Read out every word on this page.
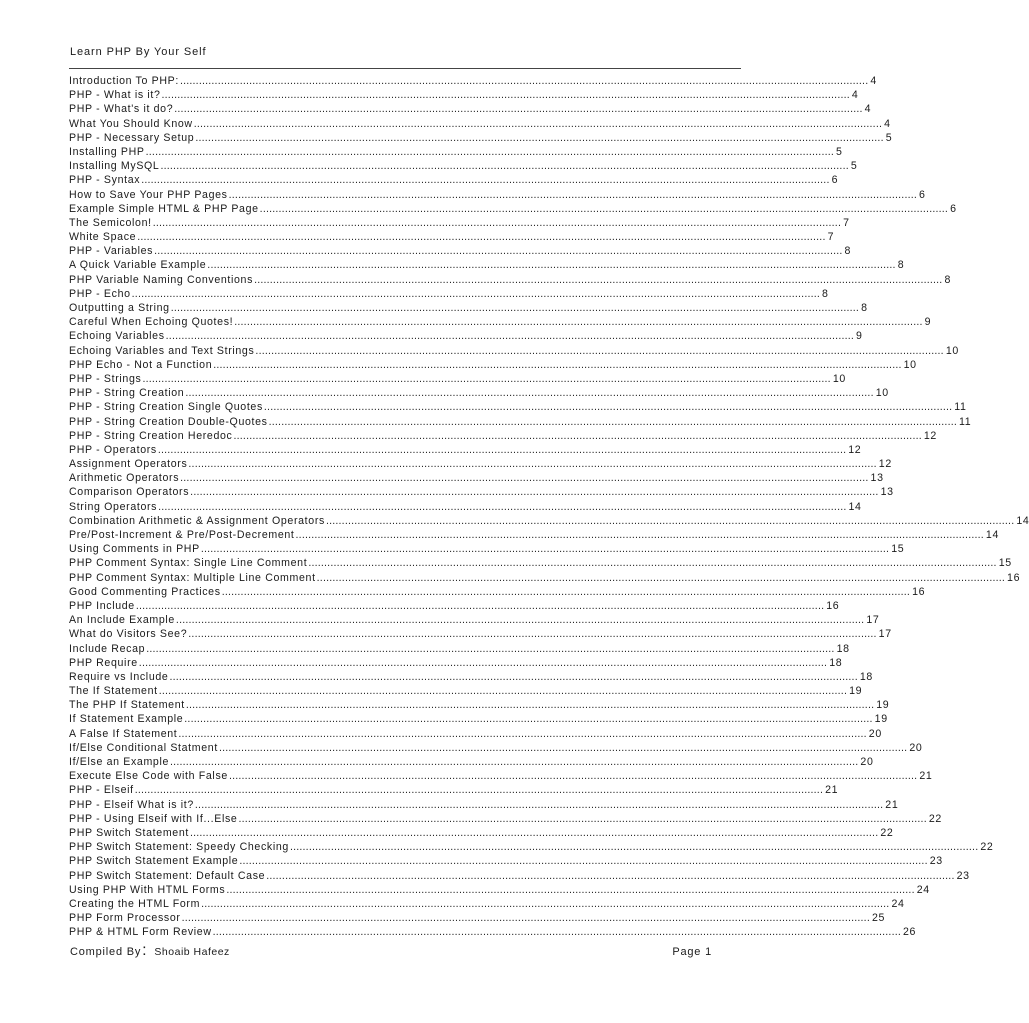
Learn PHP By Your Self
Introduction To PHP: ........................................................................................................................................................................................................................... 4
PHP - What is it? ........................................................................................................................................................................................................................... 4
PHP - What's it do? ........................................................................................................................................................................................................................... 4
What You Should Know ........................................................................................................................................................................................................................... 4
PHP - Necessary Setup ........................................................................................................................................................................................................................... 5
Installing PHP ........................................................................................................................................................................................................................... 5
Installing MySQL ........................................................................................................................................................................................................................... 5
PHP - Syntax ........................................................................................................................................................................................................................... 6
How to Save Your PHP Pages ........................................................................................................................................................................................................................... 6
Example Simple HTML & PHP Page ........................................................................................................................................................................................................................... 6
The Semicolon! ........................................................................................................................................................................................................................... 7
White Space ........................................................................................................................................................................................................................... 7
PHP - Variables ........................................................................................................................................................................................................................... 8
A Quick Variable Example ........................................................................................................................................................................................................................... 8
PHP Variable Naming Conventions ........................................................................................................................................................................................................................... 8
PHP - Echo ........................................................................................................................................................................................................................... 8
Outputting a String ........................................................................................................................................................................................................................... 8
Careful When Echoing Quotes! ........................................................................................................................................................................................................................... 9
Echoing Variables ........................................................................................................................................................................................................................... 9
Echoing Variables and Text Strings ........................................................................................................................................................................................................................... 10
PHP Echo - Not a Function ........................................................................................................................................................................................................................... 10
PHP - Strings ........................................................................................................................................................................................................................... 10
PHP - String Creation ........................................................................................................................................................................................................................... 10
PHP - String Creation Single Quotes ........................................................................................................................................................................................................................... 11
PHP - String Creation Double-Quotes ........................................................................................................................................................................................................................... 11
PHP - String Creation Heredoc ........................................................................................................................................................................................................................... 12
PHP - Operators ........................................................................................................................................................................................................................... 12
Assignment Operators ........................................................................................................................................................................................................................... 12
Arithmetic Operators ........................................................................................................................................................................................................................... 13
Comparison Operators ........................................................................................................................................................................................................................... 13
String Operators ........................................................................................................................................................................................................................... 14
Combination Arithmetic & Assignment Operators ........................................................................................................................................................................................................................... 14
Pre/Post-Increment & Pre/Post-Decrement ........................................................................................................................................................................................................................... 14
Using Comments in PHP ........................................................................................................................................................................................................................... 15
PHP Comment Syntax: Single Line Comment ........................................................................................................................................................................................................................... 15
PHP Comment Syntax: Multiple Line Comment ........................................................................................................................................................................................................................... 16
Good Commenting Practices ........................................................................................................................................................................................................................... 16
PHP Include ........................................................................................................................................................................................................................... 16
An Include Example ........................................................................................................................................................................................................................... 17
What do Visitors See? ........................................................................................................................................................................................................................... 17
Include Recap ........................................................................................................................................................................................................................... 18
PHP Require ........................................................................................................................................................................................................................... 18
Require vs Include ........................................................................................................................................................................................................................... 18
The If Statement ........................................................................................................................................................................................................................... 19
The PHP If Statement ........................................................................................................................................................................................................................... 19
If Statement Example ........................................................................................................................................................................................................................... 19
A False If Statement ........................................................................................................................................................................................................................... 20
If/Else Conditional Statment ........................................................................................................................................................................................................................... 20
If/Else an Example ........................................................................................................................................................................................................................... 20
Execute Else Code with False ........................................................................................................................................................................................................................... 21
PHP - Elseif ........................................................................................................................................................................................................................... 21
PHP - Elseif What is it? ........................................................................................................................................................................................................................... 21
PHP - Using Elseif with If...Else ........................................................................................................................................................................................................................... 22
PHP Switch Statement ........................................................................................................................................................................................................................... 22
PHP Switch Statement: Speedy Checking ........................................................................................................................................................................................................................... 22
PHP Switch Statement Example ........................................................................................................................................................................................................................... 23
PHP Switch Statement: Default Case ........................................................................................................................................................................................................................... 23
Using PHP With HTML Forms ........................................................................................................................................................................................................................... 24
Creating the HTML Form ........................................................................................................................................................................................................................... 24
PHP Form Processor ........................................................................................................................................................................................................................... 25
PHP & HTML Form Review ........................................................................................................................................................................................................................... 26
Compiled By : Shoaib Hafeez	Page 1
